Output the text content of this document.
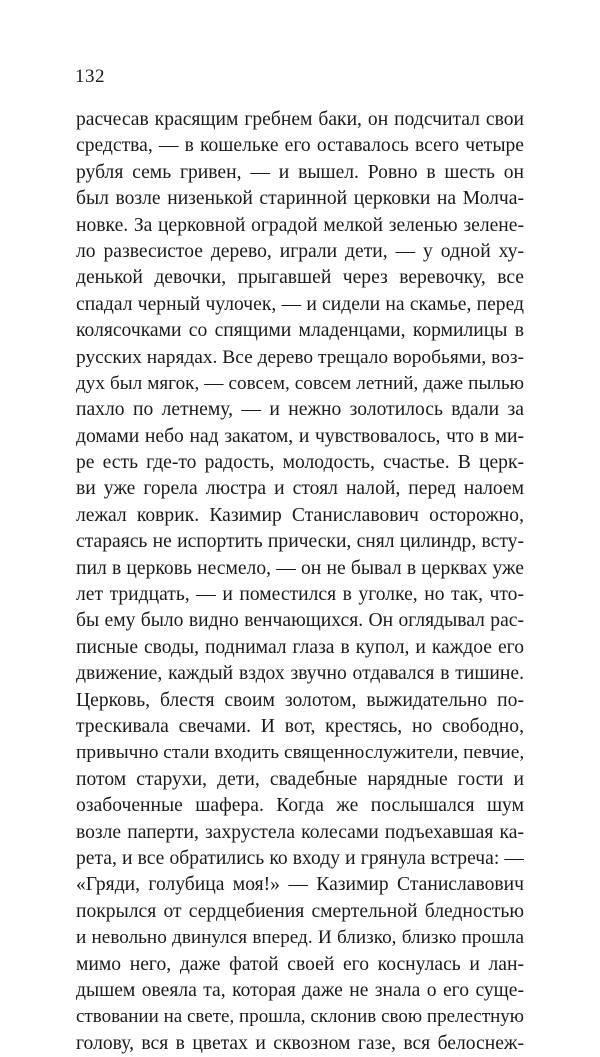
132
расчесав красящим гребнем баки, он подсчитал свои
средства, — в кошельке его оставалось всего четыре
рубля семь гривен, — и вышел. Ровно в шесть он
был возле низенькой старинной церковки на Молча-
новке. За церковной оградой мелкой зеленью зелене-
ло развесистое дерево, играли дети, — у одной ху-
денькой девочки, прыгавшей через веревочку, все
спадал черный чулочек, — и сидели на скамье, перед
колясочками со спящими младенцами, кормилицы в
русских нарядах. Все дерево трещало воробьями, воз-
дух был мягок, — совсем, совсем летний, даже пылью
пахло по летнему, — и нежно золотилось вдали за
домами небо над закатом, и чувствовалось, что в ми-
ре есть где-то радость, молодость, счастье. В церк-
ви уже горела люстра и стоял налой, перед налоем
лежал коврик. Казимир Станиславович осторожно,
стараясь не испортить прически, снял цилиндр, всту-
пил в церковь несмело, — он не бывал в церквах уже
лет тридцать, — и поместился в уголке, но так, что-
бы ему было видно венчающихся. Он оглядывал рас-
писные своды, поднимал глаза в купол, и каждое его
движение, каждый вздох звучно отдавался в тишине.
Церковь, блестя своим золотом, выжидательно по-
трескивала свечами. И вот, крестясь, но свободно,
привычно стали входить священнослужители, певчие,
потом старухи, дети, свадебные нарядные гости и
озабоченные шафера. Когда же послышался шум
возле паперти, захрустела колесами подъехавшая ка-
рета, и все обратились ко входу и грянула встреча: —
«Гряди, голубица моя!» — Казимир Станиславович
покрылся от сердцебиения смертельной бледностью
и невольно двинулся вперед. И близко, близко прошла
мимо него, даже фатой своей его коснулась и лан-
дышем овеяла та, которая даже не знала о его суще-
ствовании на свете, прошла, склонив свою прелестную
голову, вся в цветах и сквозном газе, вся белоснеж-
